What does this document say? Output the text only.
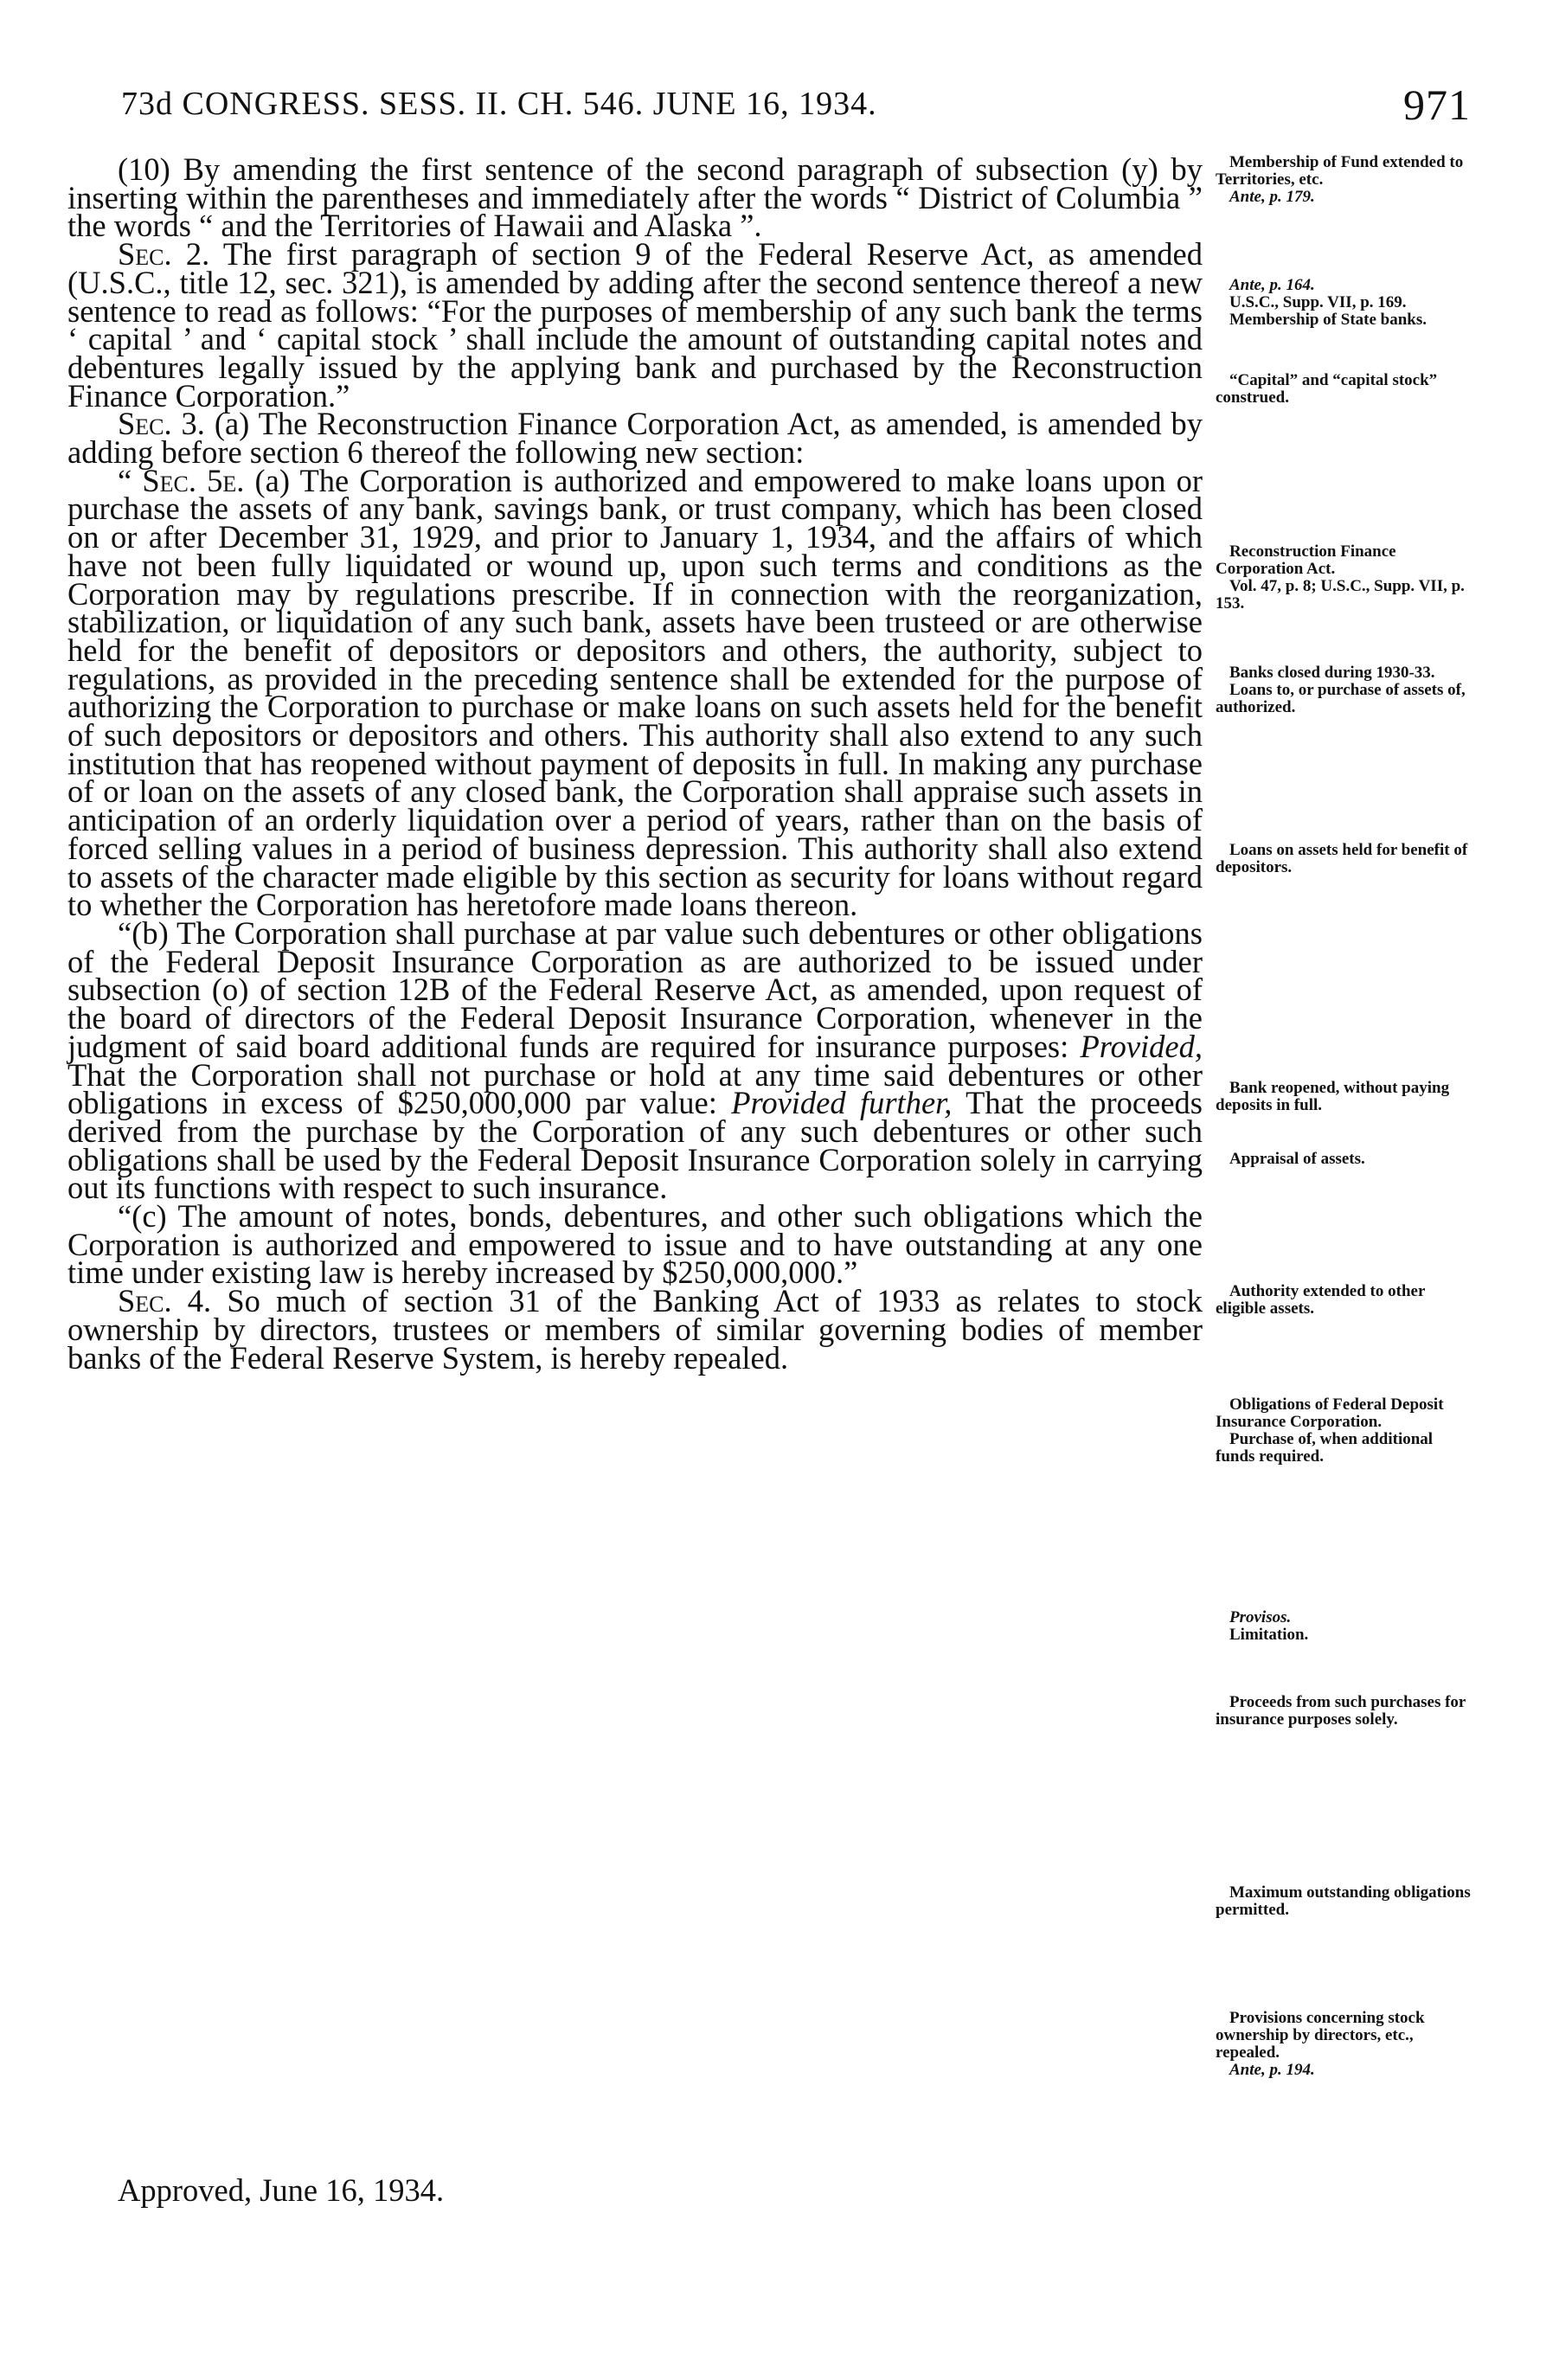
73d CONGRESS. SESS. II. CH. 546. JUNE 16, 1934.	971

(10) By amending the first sentence of the second paragraph of subsection (y) by inserting within the parentheses and immediately after the words “ District of Columbia ” the words “ and the Territories of Hawaii and Alaska ”.

Sec. 2. The first paragraph of section 9 of the Federal Reserve Act, as amended (U.S.C., title 12, sec. 321), is amended by adding after the second sentence thereof a new sentence to read as follows: “For the purposes of membership of any such bank the terms ‘ capital ’ and ‘ capital stock ’ shall include the amount of outstanding capital notes and debentures legally issued by the applying bank and purchased by the Reconstruction Finance Corporation.”

Sec. 3. (a) The Reconstruction Finance Corporation Act, as amended, is amended by adding before section 6 thereof the following new section:

“ Sec. 5e. (a) The Corporation is authorized and empowered to make loans upon or purchase the assets of any bank, savings bank, or trust company, which has been closed on or after December 31, 1929, and prior to January 1, 1934, and the affairs of which have not been fully liquidated or wound up, upon such terms and conditions as the Corporation may by regulations prescribe. If in connection with the reorganization, stabilization, or liquidation of any such bank, assets have been trusteed or are otherwise held for the benefit of depositors or depositors and others, the authority, subject to regulations, as provided in the preceding sentence shall be extended for the purpose of authorizing the Corporation to purchase or make loans on such assets held for the benefit of such depositors or depositors and others. This authority shall also extend to any such institution that has reopened without payment of deposits in full. In making any purchase of or loan on the assets of any closed bank, the Corporation shall appraise such assets in anticipation of an orderly liquidation over a period of years, rather than on the basis of forced selling values in a period of business depression. This authority shall also extend to assets of the character made eligible by this section as security for loans without regard to whether the Corporation has heretofore made loans thereon.

“(b) The Corporation shall purchase at par value such debentures or other obligations of the Federal Deposit Insurance Corporation as are authorized to be issued under subsection (o) of section 12B of the Federal Reserve Act, as amended, upon request of the board of directors of the Federal Deposit Insurance Corporation, whenever in the judgment of said board additional funds are required for insurance purposes: Provided, That the Corporation shall not purchase or hold at any time said debentures or other obligations in excess of $250,000,000 par value: Provided further, That the proceeds derived from the purchase by the Corporation of any such debentures or other such obligations shall be used by the Federal Deposit Insurance Corporation solely in carrying out its functions with respect to such insurance.

“(c) The amount of notes, bonds, debentures, and other such obligations which the Corporation is authorized and empowered to issue and to have outstanding at any one time under existing law is hereby increased by $250,000,000.”

Sec. 4. So much of section 31 of the Banking Act of 1933 as relates to stock ownership by directors, trustees or members of similar governing bodies of member banks of the Federal Reserve System, is hereby repealed.

Approved, June 16, 1934.
Membership of Fund extended to Territories, etc.
Ante, p. 179.
Ante, p. 164.
U.S.C., Supp. VII, p. 169.
Membership of State banks.
“Capital” and “capital stock” construed.
Reconstruction Finance Corporation Act.
Vol. 47, p. 8; U.S.C., Supp. VII, p. 153.
Banks closed during 1930-33.
Loans to, or purchase of assets of, authorized.
Loans on assets held for benefit of depositors.
Bank reopened, without paying deposits in full.
Appraisal of assets.
Authority extended to other eligible assets.
Obligations of Federal Deposit Insurance Corporation.
Purchase of, when additional funds required.
Provisos.
Limitation.
Proceeds from such purchases for insurance purposes solely.
Maximum outstanding obligations permitted.
Provisions concerning stock ownership by directors, etc., repealed.
Ante, p. 194.
